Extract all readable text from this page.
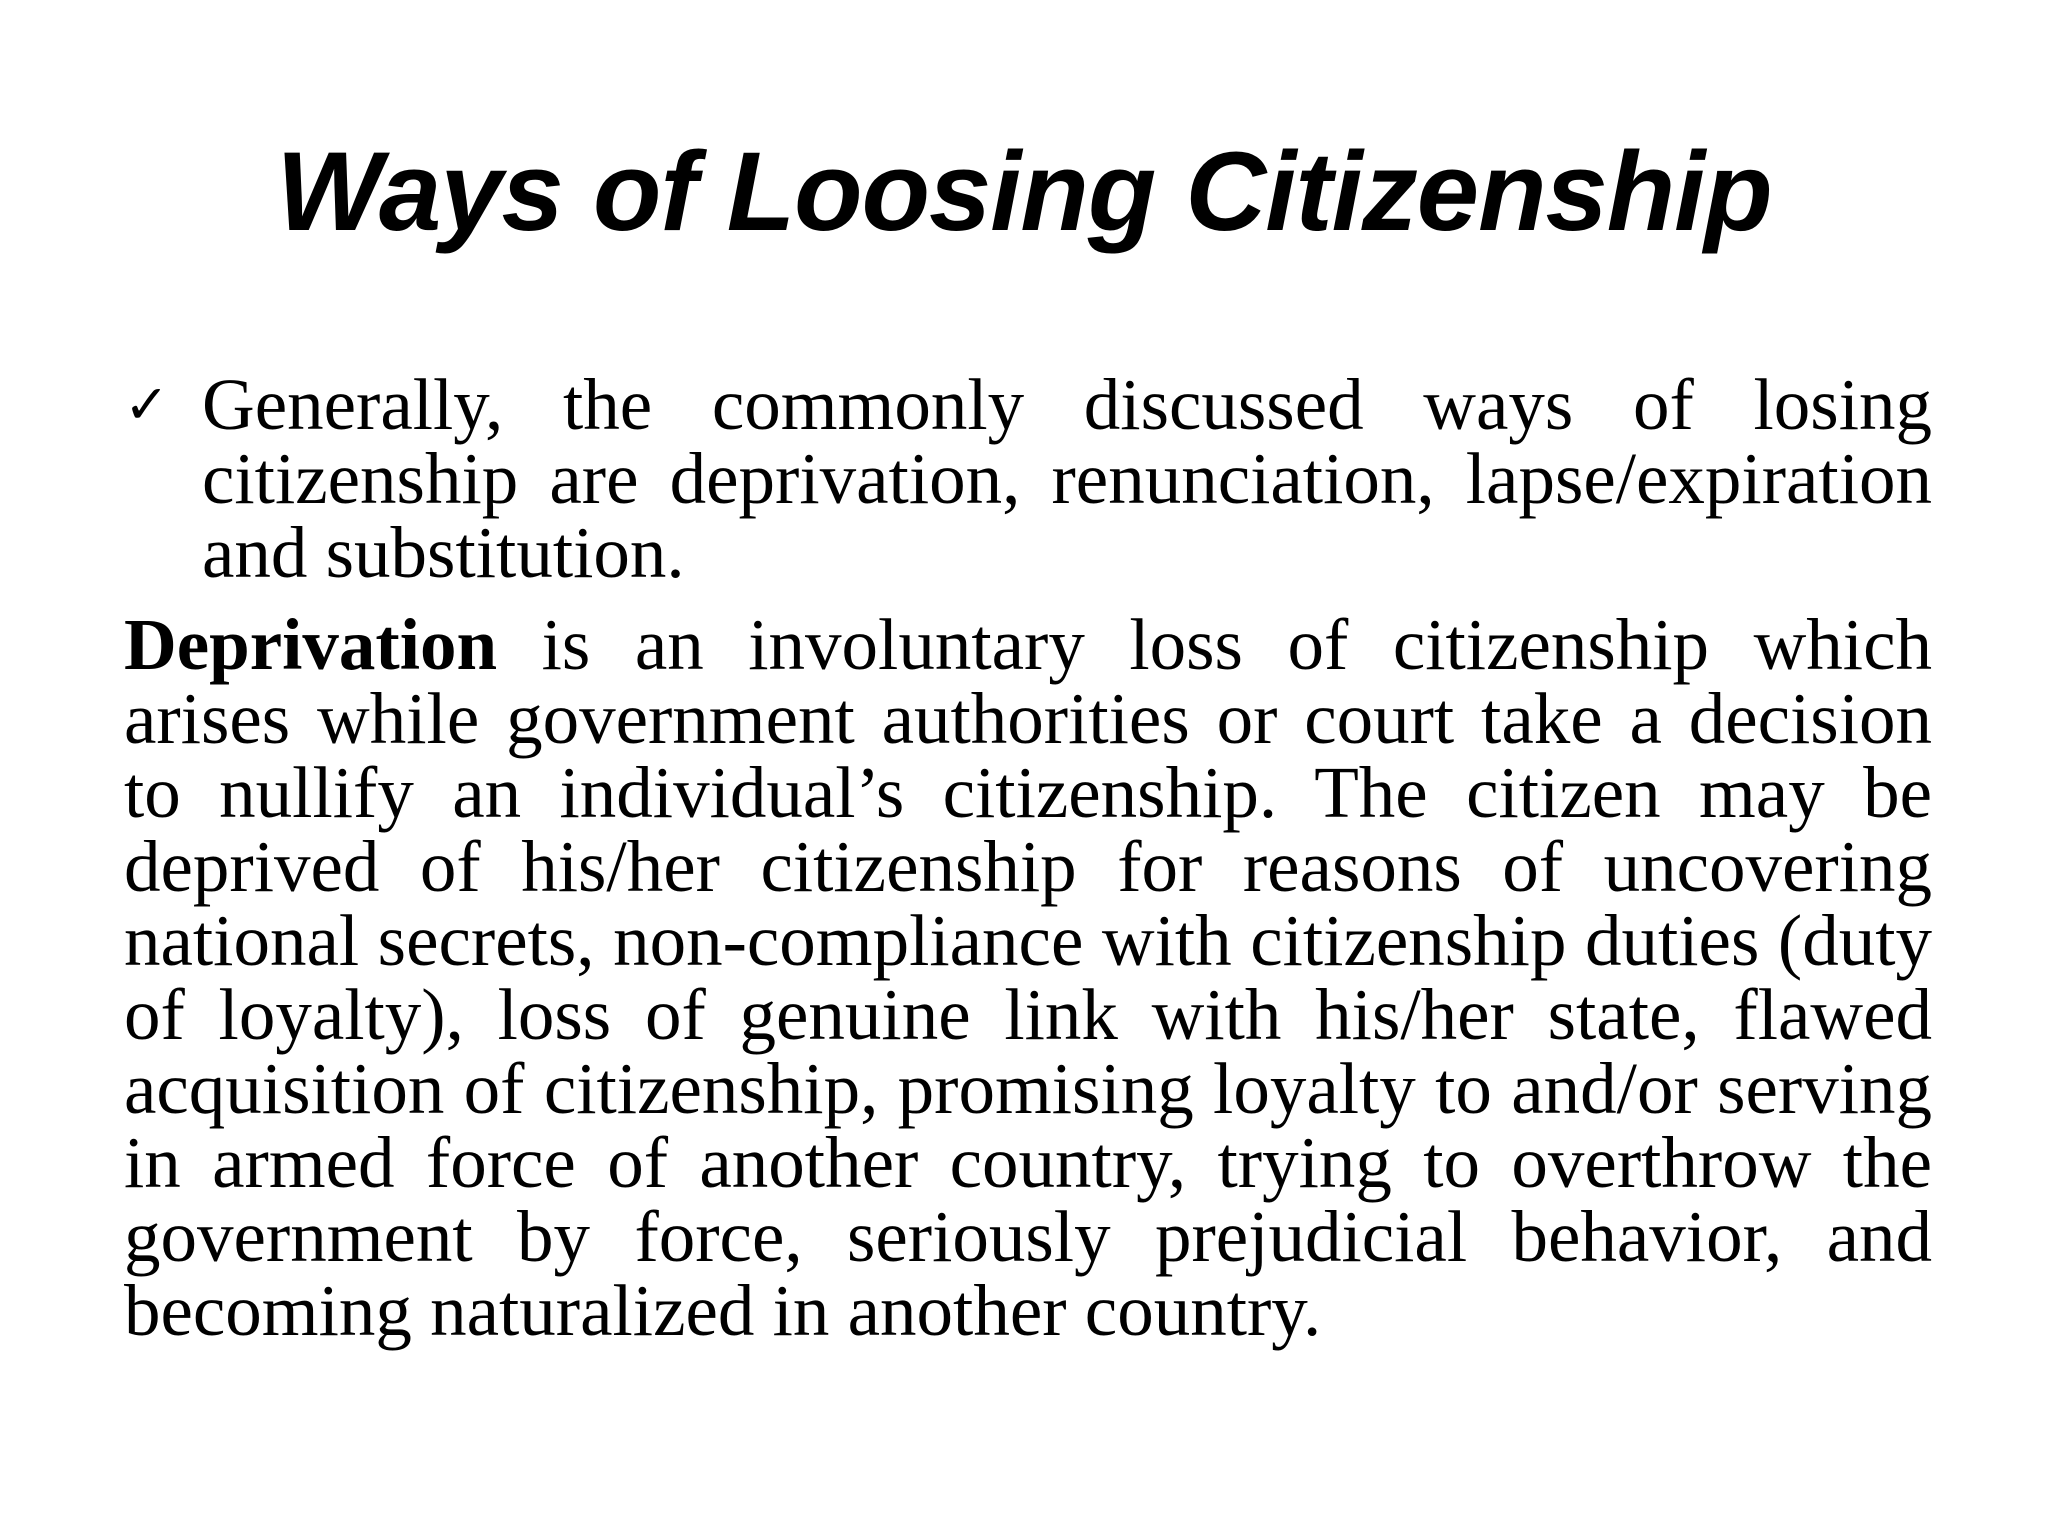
Ways of Loosing Citizenship

✓ Generally, the commonly discussed ways of losing citizenship are deprivation, renunciation, lapse/expiration and substitution.

Deprivation is an involuntary loss of citizenship which arises while government authorities or court take a decision to nullify an individual’s citizenship. The citizen may be deprived of his/her citizenship for reasons of uncovering national secrets, non-compliance with citizenship duties (duty of loyalty), loss of genuine link with his/her state, flawed acquisition of citizenship, promising loyalty to and/or serving in armed force of another country, trying to overthrow the government by force, seriously prejudicial behavior, and becoming naturalized in another country.
